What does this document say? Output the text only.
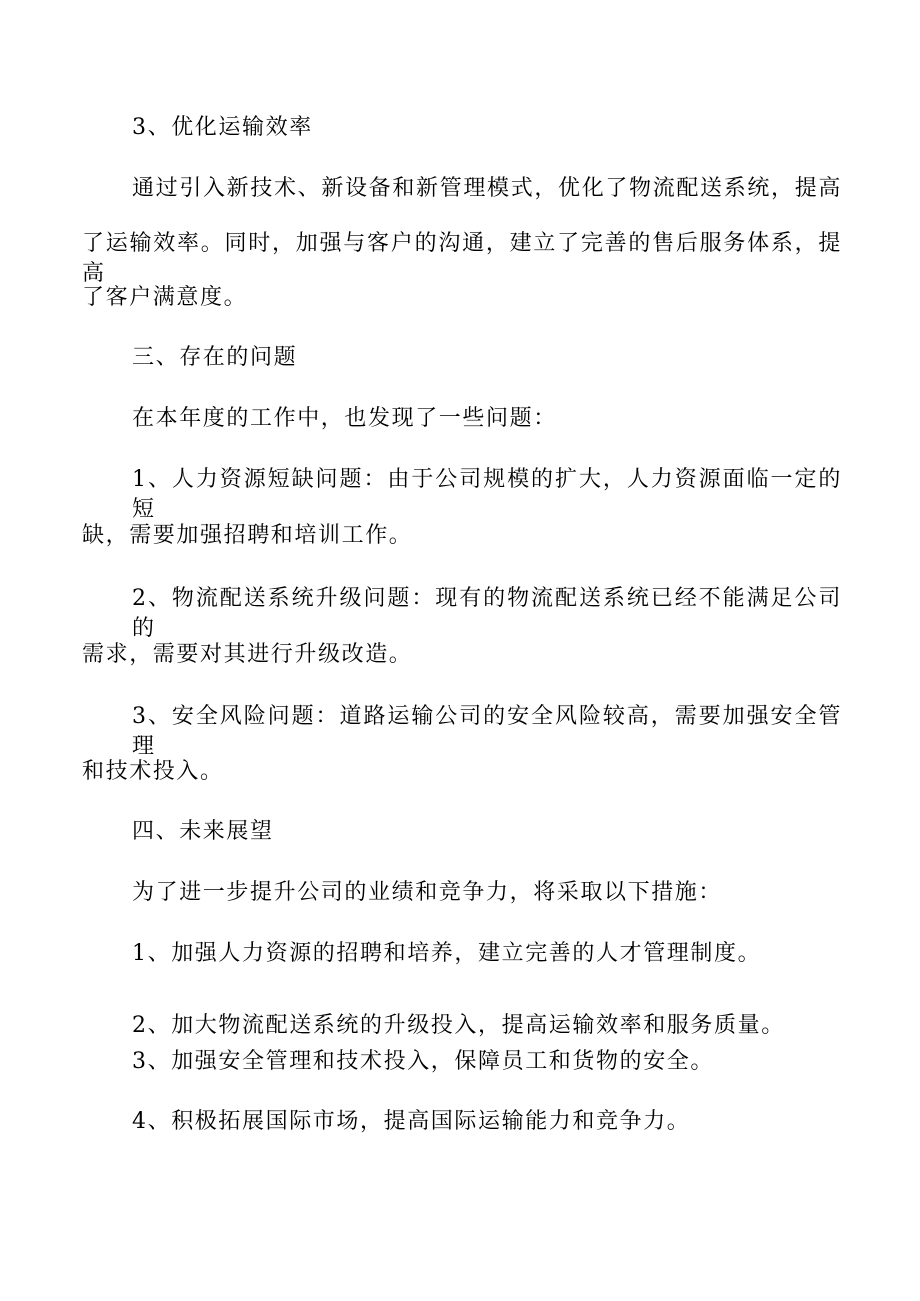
3、优化运输效率
通过引入新技术、新设备和新管理模式，优化了物流配送系统，提高
了运输效率。同时，加强与客户的沟通，建立了完善的售后服务体系，提高
了客户满意度。
三、存在的问题
在本年度的工作中，也发现了一些问题：
1、人力资源短缺问题：由于公司规模的扩大，人力资源面临一定的短
缺，需要加强招聘和培训工作。
2、物流配送系统升级问题：现有的物流配送系统已经不能满足公司的
需求，需要对其进行升级改造。
3、安全风险问题：道路运输公司的安全风险较高，需要加强安全管理
和技术投入。
四、未来展望
为了进一步提升公司的业绩和竞争力，将采取以下措施：
1、加强人力资源的招聘和培养，建立完善的人才管理制度。
2、加大物流配送系统的升级投入，提高运输效率和服务质量。
3、加强安全管理和技术投入，保障员工和货物的安全。
4、积极拓展国际市场，提高国际运输能力和竞争力。
